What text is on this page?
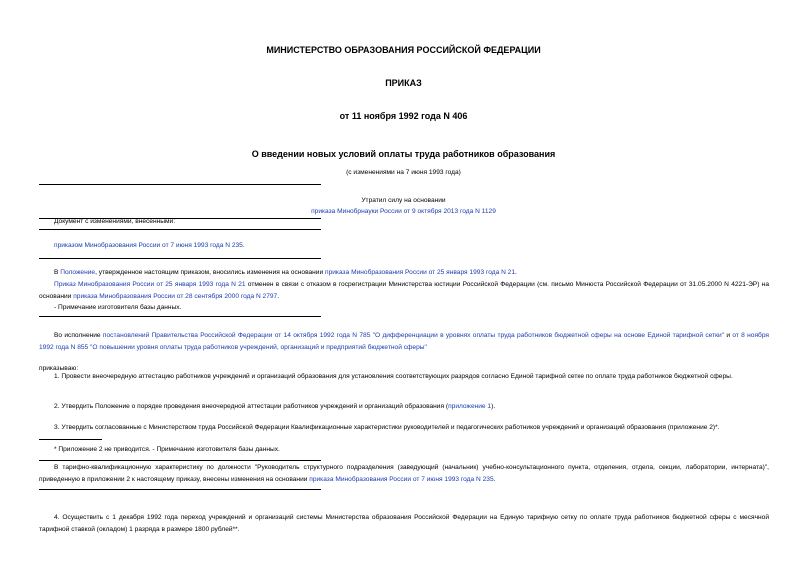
МИНИСТЕРСТВО ОБРАЗОВАНИЯ РОССИЙСКОЙ ФЕДЕРАЦИИ
ПРИКАЗ
от 11 ноября 1992 года N 406
О введении новых условий оплаты труда работников образования
(с изменениями на 7 июня 1993 года)
Утратил силу на основании
приказа Минобрнауки России от 9 октября 2013 года N 1129
Документ с изменениями, внесенными:
приказом Минобразования России от 7 июня 1993 года N 235.
В Положение, утвержденное настоящим приказом, вносились изменения на основании приказа Минобразования России от 25 января 1993 года N 21.
Приказ Минобразования России от 25 января 1993 года N 21 отменен в связи с отказом в госрегистрации Министерства юстиции Российской Федерации (см. письмо Минюста Российской Федерации от 31.05.2000 N 4221-ЭР) на основании приказа Минобразования России от 28 сентября 2000 года N 2797.
- Примечание изготовителя базы данных.
Во исполнение постановлений Правительства Российской Федерации от 14 октября 1992 года N 785 "О дифференциации в уровнях оплаты труда работников бюджетной сферы на основе Единой тарифной сетки" и от 8 ноября 1992 года N 855 "О повышении уровня оплаты труда работников учреждений, организаций и предприятий бюджетной сферы"
приказываю:
1. Провести внеочередную аттестацию работников учреждений и организаций образования для установления соответствующих разрядов согласно Единой тарифной сетке по оплате труда работников бюджетной сферы.
2. Утвердить Положение о порядке проведения внеочередной аттестации работников учреждений и организаций образования (приложение 1).
3. Утвердить согласованные с Министерством труда Российской Федерации Квалификационные характеристики руководителей и педагогических работников учреждений и организаций образования (приложение 2)*.
* Приложение 2 не приводится. - Примечание изготовителя базы данных.
В тарифно-квалификационную характеристику по должности "Руководитель структурного подразделения (заведующий (начальник) учебно-консультационного пункта, отделения, отдела, секции, лаборатории, интерната)", приведенную в приложении 2 к настоящему приказу, внесены изменения на основании приказа Минобразования России от 7 июня 1993 года N 235.
4. Осуществить с 1 декабря 1992 года переход учреждений и организаций системы Министерства образования Российской Федерации на Единую тарифную сетку по оплате труда работников бюджетной сферы с месячной тарифной ставкой (окладом) 1 разряда в размере 1800 рублей**.
